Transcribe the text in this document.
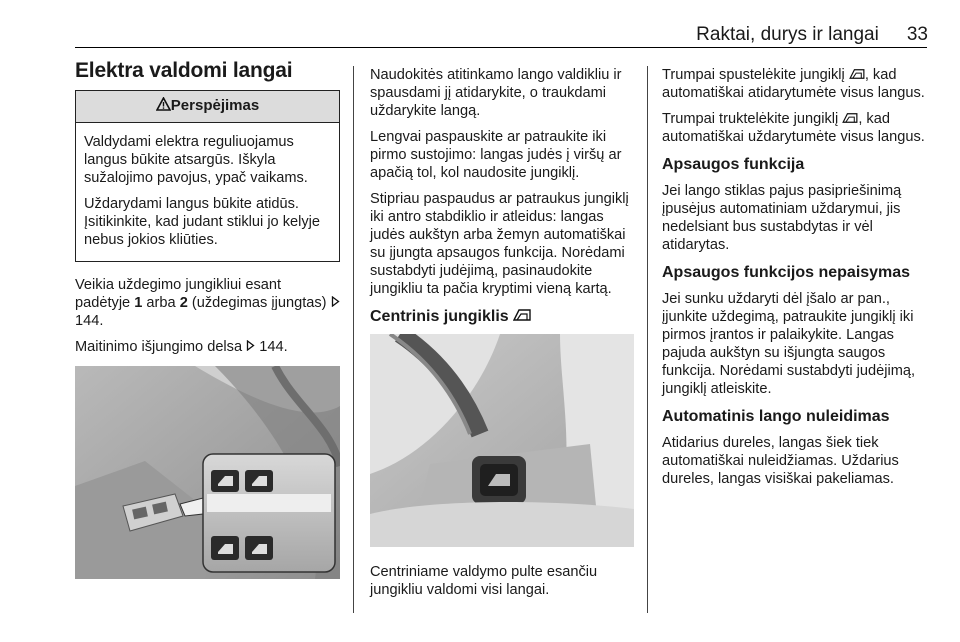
Raktai, durys ir langai 33
Elektra valdomi langai
Perspėjimas

Valdydami elektra reguliuojamus langus būkite atsargūs. Iškyla sužalojimo pavojus, ypač vaikams.

Uždarydami langus būkite atidūs. Įsitikinkite, kad judant stiklui jo kelyje nebus jokios kliūties.

Veikia uždegimo jungikliui esant padėtyje 1 arba 2 (uždegimas įjungtas)  144.

Maitinimo išjungimo delsa  144.

Naudokitės atitinkamo lango valdikliu ir spausdami jį atidarykite, o traukdami uždarykite langą.

Lengvai paspauskite ar patraukite iki pirmo sustojimo: langas judės į viršų ar apačią tol, kol naudosite jungiklį.

Stipriau paspaudus ar patraukus jungiklį iki antro stabdiklio ir atleidus: langas judės aukštyn arba žemyn automatiškai su įjungta apsaugos funkcija. Norėdami sustabdyti judėjimą, pasinaudokite jungikliu ta pačia kryptimi vieną kartą.

Centrinis jungiklis

Centriniame valdymo pulte esančiu jungikliu valdomi visi langai.

Trumpai spustelėkite jungiklį , kad automatiškai atidarytumėte visus langus.

Trumpai truktelėkite jungiklį , kad automatiškai uždarytumėte visus langus.

Apsaugos funkcija

Jei lango stiklas pajus pasipriešinimą įpusėjus automatiniam uždarymui, jis nedelsiant bus sustabdytas ir vėl atidarytas.

Apsaugos funkcijos nepaisymas

Jei sunku uždaryti dėl įšalo ar pan., įjunkite uždegimą, patraukite jungiklį iki pirmos įrantos ir palaikykite. Langas pajuda aukštyn su išjungta saugos funkcija. Norėdami sustabdyti judėjimą, jungiklį atleiskite.

Automatinis lango nuleidimas

Atidarius dureles, langas šiek tiek automatiškai nuleidžiamas. Uždarius dureles, langas visiškai pakeliamas.
